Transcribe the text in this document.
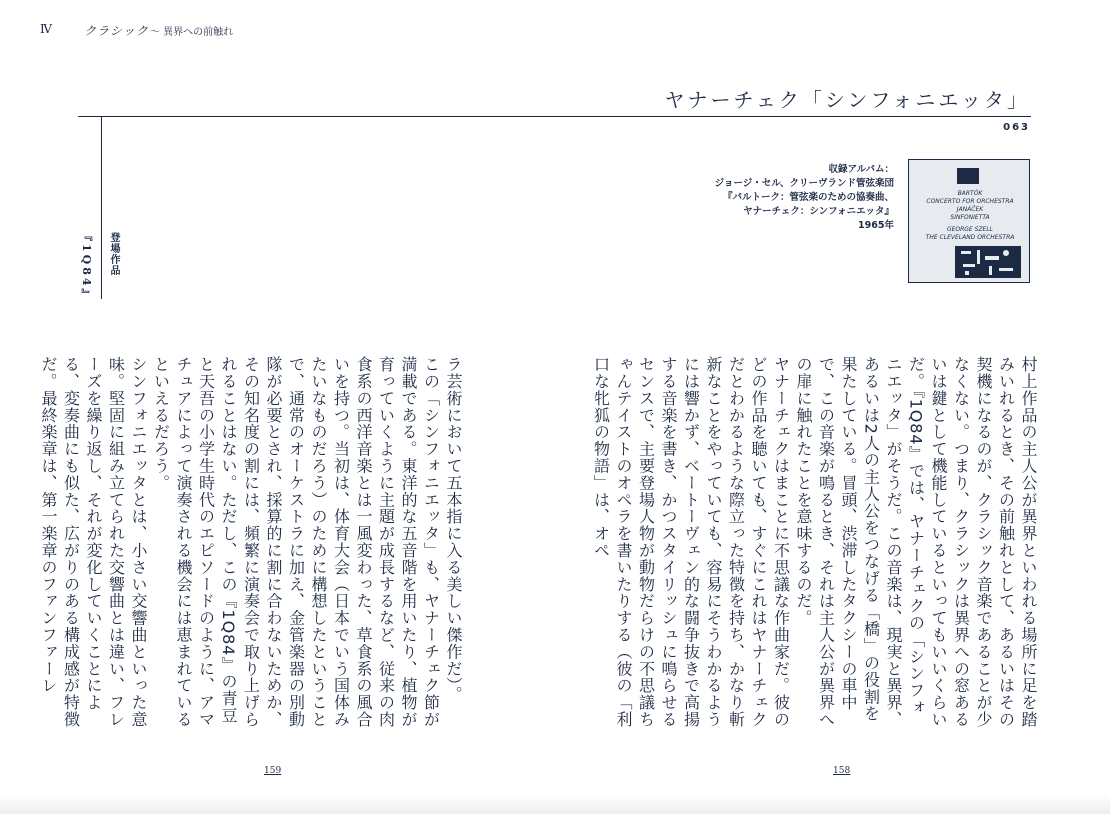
Ⅳ	クラシック 〜 異界への前触れ
ヤナーチェク「シンフォニエッタ」
063
登場作品
『1Q84』
収録アルバム：
ジョージ・セル、クリーヴランド管弦楽団
『バルトーク：管弦楽のための協奏曲、
ヤナーチェク：シンフォニエッタ』
1965年
BARTÓK
CONCERTO FOR ORCHESTRA
JANÁČEK
SINFONIETTA
GEORGE SZELL
THE CLEVELAND ORCHESTRA

村上作品の主人公が異界といわれる場所に足を踏みいれるとき、その前触れとして、あるいはその契機になるのが、クラシック音楽であることが少なくない。つまり、クラシックは異界への窓あるいは鍵として機能しているといってもいいくらいだ。『1Q84』では、ヤナーチェクの「シンフォニエッタ」がそうだ。この音楽は、現実と異界、あるいは2人の主人公をつなげる「橋」の役割を果たしている。冒頭、渋滞したタクシーの車中で、この音楽が鳴るとき、それは主人公が異界への扉に触れたことを意味するのだ。

ヤナーチェクはまことに不思議な作曲家だ。彼のどの作品を聴いても、すぐにこれはヤナーチェクだとわかるような際立った特徴を持ち、かなり斬新なことをやっていても、容易にそうわかるようには響かず、ベートーヴェン的な闘争抜きで高揚する音楽を書き、かつスタイリッシュに鳴らせるセンスで、主要登場人物が動物だらけの不思議ちゃんテイストのオペラを書いたりする（彼の「利口な牝狐の物語」は、オペ

ラ芸術において五本指に入る美しい傑作だ）。

この「シンフォニエッタ」も、ヤナーチェク節が満載である。東洋的な五音階を用いたり、植物が育っていくように主題が成長するなど、従来の肉食系の西洋音楽とは一風変わった、草食系の風合いを持つ。当初は、体育大会（日本でいう国体みたいなものだろう）のために構想したということで、通常のオーケストラに加え、金管楽器の別動隊が必要とされ、採算的に割に合わないためか、その知名度の割には、頻繁に演奏会で取り上げられることはない。ただし、この『1Q84』の青豆と天吾の小学生時代のエピソードのように、アマチュアによって演奏される機会には恵まれているといえるだろう。

シンフォニエッタとは、小さい交響曲といった意味。堅固に組み立てられた交響曲とは違い、フレーズを繰り返し、それが変化していくことによる、変奏曲にも似た、広がりのある構成感が特徴だ。最終楽章は、第一楽章のファンファーレ

159	158
